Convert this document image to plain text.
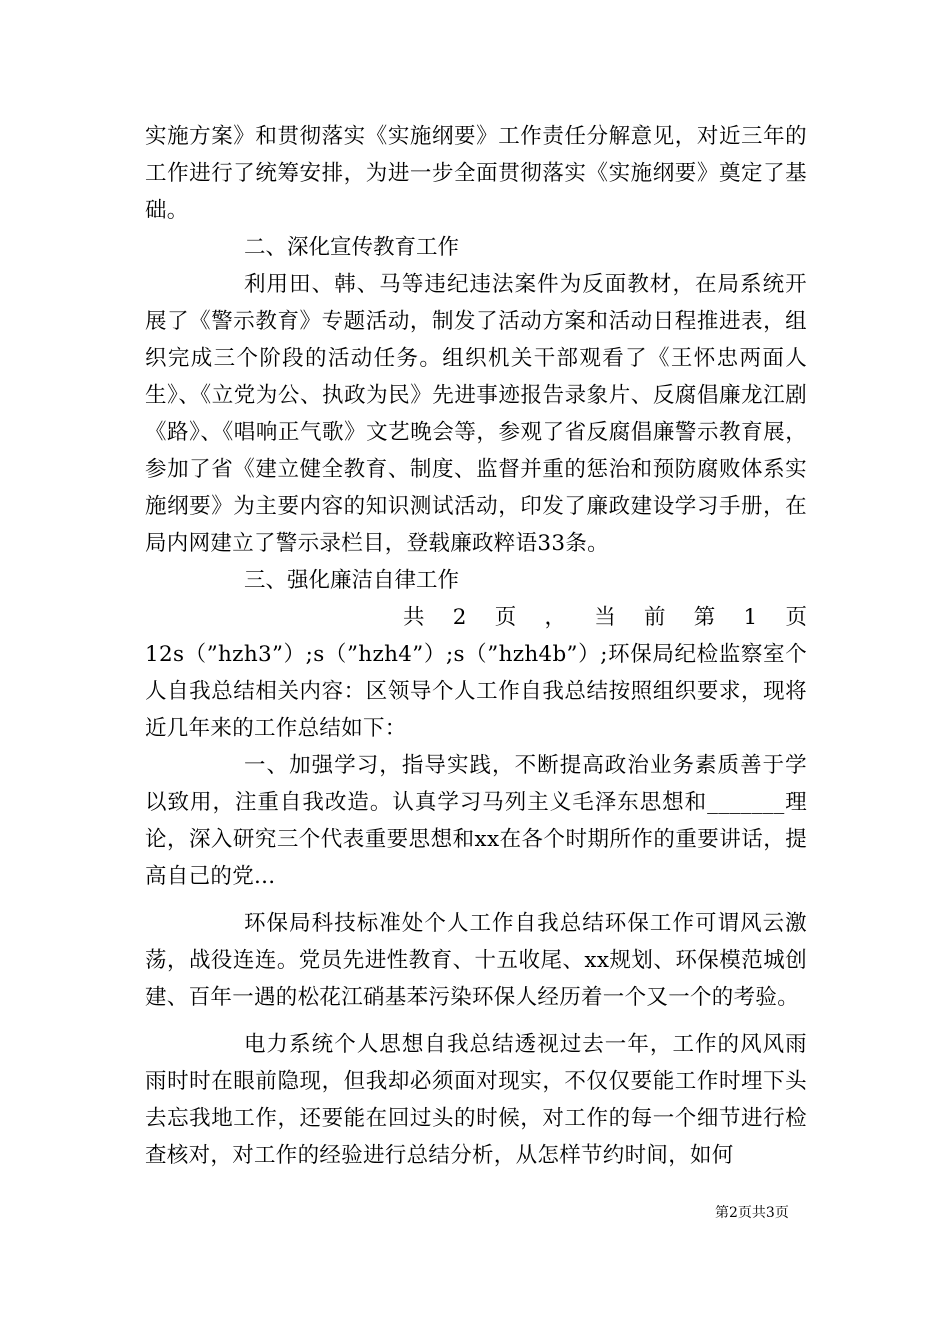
实施方案》和贯彻落实《实施纲要》工作责任分解意见，对近三年的工作进行了统筹安排，为进一步全面贯彻落实《实施纲要》奠定了基础。

二、深化宣传教育工作

利用田、韩、马等违纪违法案件为反面教材，在局系统开展了《警示教育》专题活动，制发了活动方案和活动日程推进表，组织完成三个阶段的活动任务。组织机关干部观看了《王怀忠两面人生》、《立党为公、执政为民》先进事迹报告录象片、反腐倡廉龙江剧《路》、《唱响正气歌》文艺晚会等，参观了省反腐倡廉警示教育展，参加了省《建立健全教育、制度、监督并重的惩治和预防腐败体系实施纲要》为主要内容的知识测试活动，印发了廉政建设学习手册，在局内网建立了警示录栏目，登载廉政粹语33条。

三、强化廉洁自律工作

共 2 页 ， 当 前 第 1 页

12s（”hzh3”）;s（”hzh4”）;s（”hzh4b”）;环保局纪检监察室个人自我总结相关内容：区领导个人工作自我总结按照组织要求，现将近几年来的工作总结如下：

一、加强学习，指导实践，不断提高政治业务素质善于学以致用，注重自我改造。认真学习马列主义毛泽东思想和_______理论，深入研究三个代表重要思想和xx在各个时期所作的重要讲话，提高自己的党...

环保局科技标准处个人工作自我总结环保工作可谓风云激荡，战役连连。党员先进性教育、十五收尾、xx规划、环保模范城创建、百年一遇的松花江硝基苯污染环保人经历着一个又一个的考验。

电力系统个人思想自我总结透视过去一年，工作的风风雨雨时时在眼前隐现，但我却必须面对现实，不仅仅要能工作时埋下头去忘我地工作，还要能在回过头的时候，对工作的每一个细节进行检查核对，对工作的经验进行总结分析，从怎样节约时间，如何

第2页共3页
